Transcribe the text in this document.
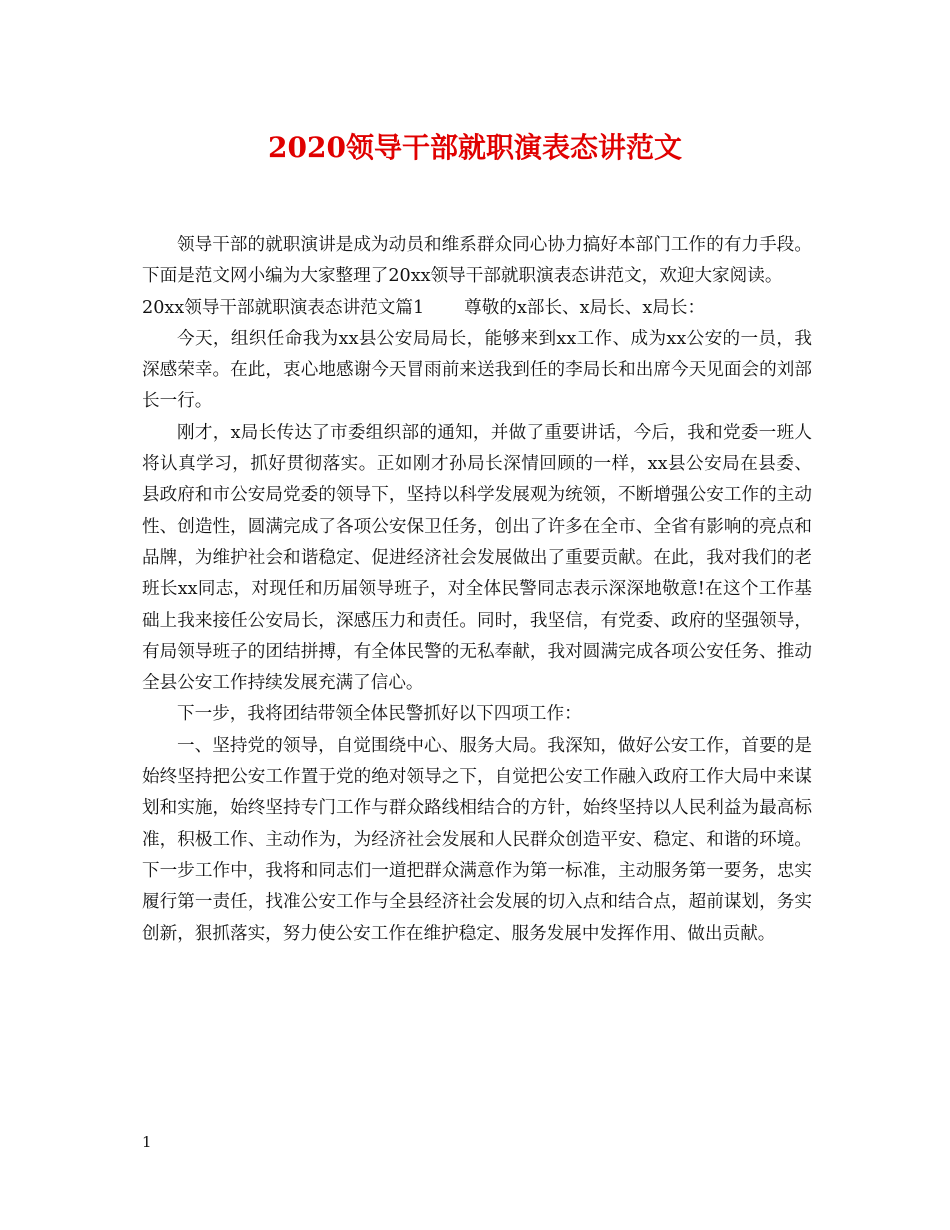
2020领导干部就职演表态讲范文

领导干部的就职演讲是成为动员和维系群众同心协力搞好本部门工作的有力手段。下面是范文网小编为大家整理了20xx领导干部就职演表态讲范文，欢迎大家阅读。

20xx领导干部就职演表态讲范文篇1 尊敬的x部长、x局长、x局长：

今天，组织任命我为xx县公安局局长，能够来到xx工作、成为xx公安的一员，我深感荣幸。在此，衷心地感谢今天冒雨前来送我到任的李局长和出席今天见面会的刘部长一行。

刚才，x局长传达了市委组织部的通知，并做了重要讲话，今后，我和党委一班人将认真学习，抓好贯彻落实。正如刚才孙局长深情回顾的一样，xx县公安局在县委、县政府和市公安局党委的领导下，坚持以科学发展观为统领，不断增强公安工作的主动性、创造性，圆满完成了各项公安保卫任务，创出了许多在全市、全省有影响的亮点和品牌，为维护社会和谐稳定、促进经济社会发展做出了重要贡献。在此，我对我们的老班长xx同志，对现任和历届领导班子，对全体民警同志表示深深地敬意!在这个工作基础上我来接任公安局长，深感压力和责任。同时，我坚信，有党委、政府的坚强领导，有局领导班子的团结拼搏，有全体民警的无私奉献，我对圆满完成各项公安任务、推动全县公安工作持续发展充满了信心。

下一步，我将团结带领全体民警抓好以下四项工作：

一、坚持党的领导，自觉围绕中心、服务大局。我深知，做好公安工作，首要的是始终坚持把公安工作置于党的绝对领导之下，自觉把公安工作融入政府工作大局中来谋划和实施，始终坚持专门工作与群众路线相结合的方针，始终坚持以人民利益为最高标准，积极工作、主动作为，为经济社会发展和人民群众创造平安、稳定、和谐的环境。下一步工作中，我将和同志们一道把群众满意作为第一标准，主动服务第一要务，忠实履行第一责任，找准公安工作与全县经济社会发展的切入点和结合点，超前谋划，务实创新，狠抓落实，努力使公安工作在维护稳定、服务发展中发挥作用、做出贡献。

1
